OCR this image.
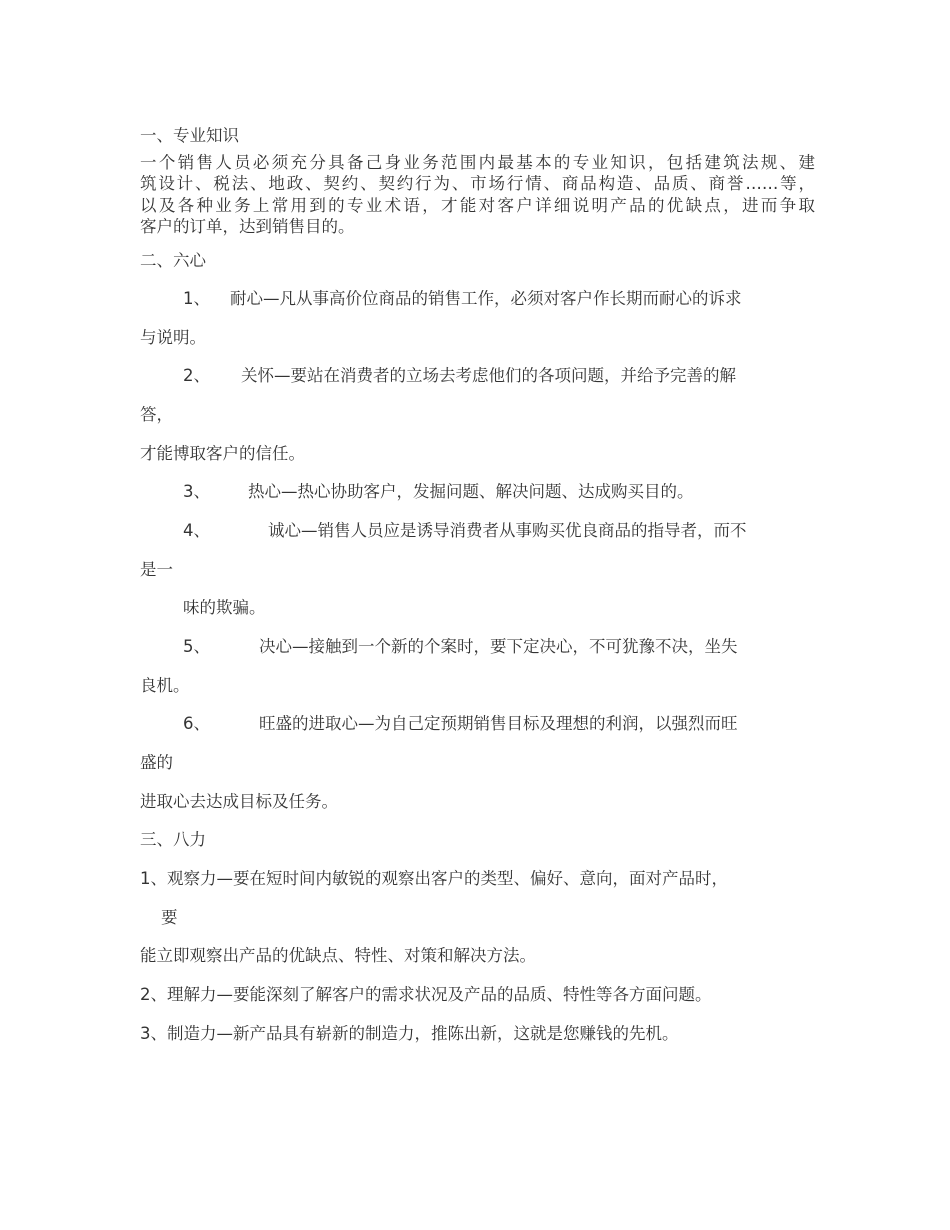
一、专业知识
一个销售人员必须充分具备己身业务范围内最基本的专业知识，包括建筑法规、建
筑设计、税法、地政、契约、契约行为、市场行情、商品构造、品质、商誉……等，
以及各种业务上常用到的专业术语，才能对客户详细说明产品的优缺点，进而争取
客户的订单，达到销售目的。
二、六心
1、 耐心—凡从事高价位商品的销售工作，必须对客户作长期而耐心的诉求
与说明。
2、 关怀—要站在消费者的立场去考虑他们的各项问题，并给予完善的解
答，
才能博取客户的信任。
3、 热心—热心协助客户，发掘问题、解决问题、达成购买目的。
4、	诚心—销售人员应是诱导消费者从事购买优良商品的指导者，而不
是一
味的欺骗。
5、	决心—接触到一个新的个案时，要下定决心，不可犹豫不决，坐失
良机。
6、	旺盛的进取心—为自己定预期销售目标及理想的利润，以强烈而旺
盛的
进取心去达成目标及任务。
三、八力
1、观察力—要在短时间内敏锐的观察出客户的类型、偏好、意向，面对产品时，
要
能立即观察出产品的优缺点、特性、对策和解决方法。
2、理解力—要能深刻了解客户的需求状况及产品的品质、特性等各方面问题。
3、制造力—新产品具有崭新的制造力，推陈出新，这就是您赚钱的先机。
